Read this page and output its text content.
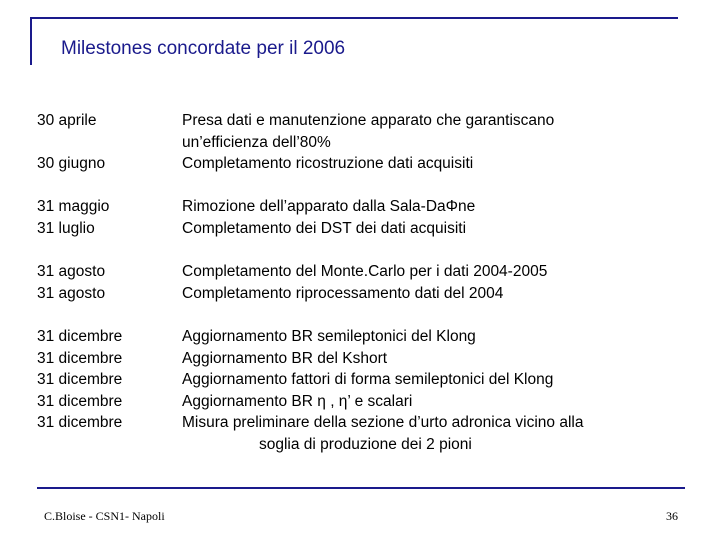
Milestones concordate per il 2006
30 aprile
30 giugno
Presa dati e manutenzione apparato che garantiscano
un’efficienza dell’80%
Completamento ricostruzione dati acquisiti
31 maggio
31 luglio
Rimozione dell’apparato dalla Sala-DaΦne
Completamento dei DST dei dati acquisiti
31 agosto
31 agosto
Completamento del Monte.Carlo per i dati 2004-2005
Completamento riprocessamento dati del 2004
31 dicembre
31 dicembre
31 dicembre
31 dicembre
31 dicembre
Aggiornamento BR semileptonici del Klong
Aggiornamento BR del Kshort
Aggiornamento fattori di forma semileptonici del Klong
Aggiornamento BR η , η’ e scalari
Misura preliminare della sezione d’urto adronica vicino alla
soglia di produzione dei 2 pioni
C.Bloise - CSN1- Napoli	36
